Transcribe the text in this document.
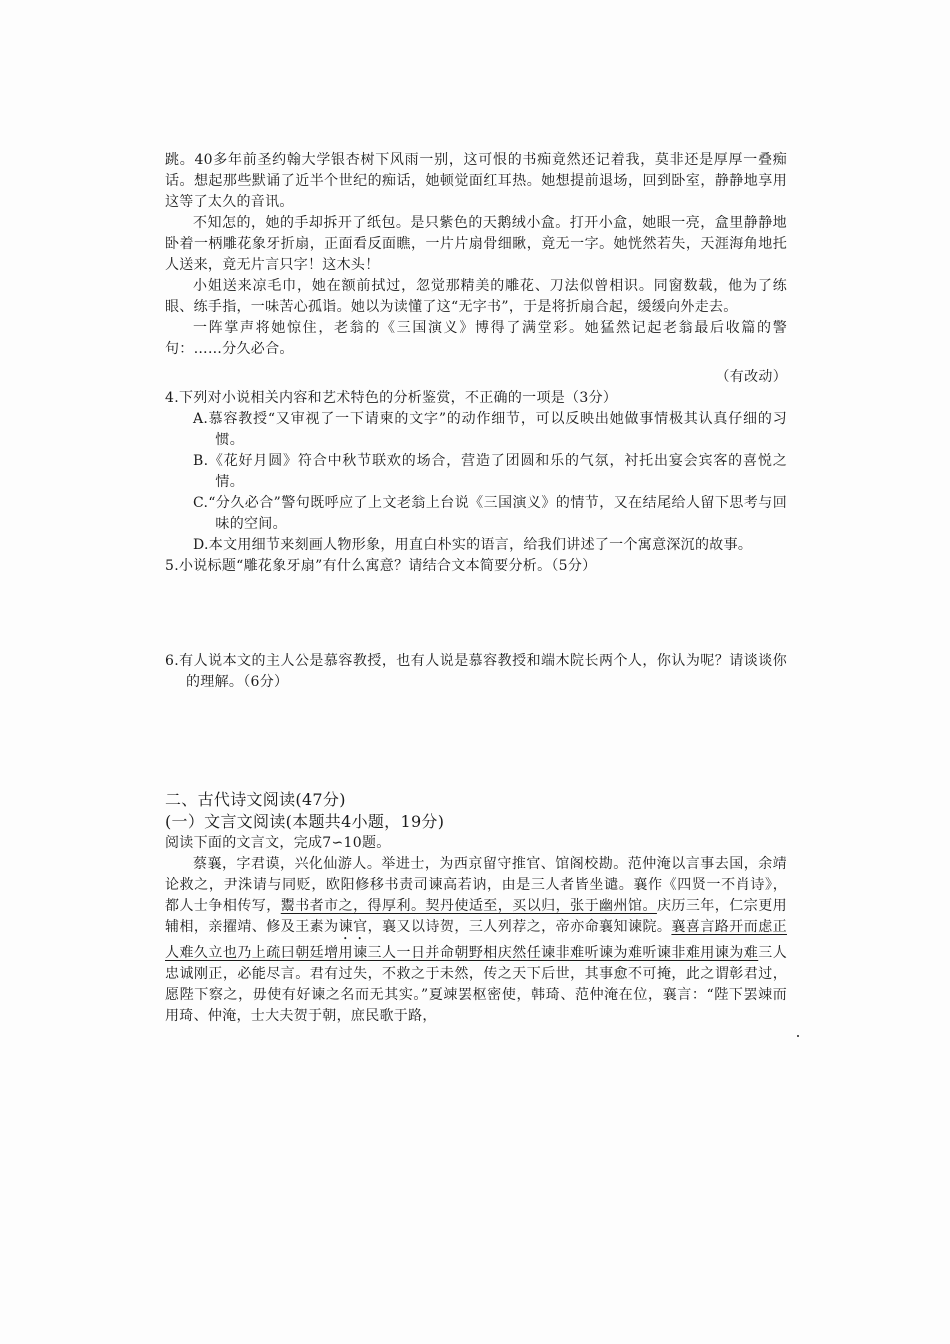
跳。40多年前圣约翰大学银杏树下风雨一别，这可恨的书痴竟然还记着我，莫非还是厚厚一叠痴话。想起那些默诵了近半个世纪的痴话，她顿觉面红耳热。她想提前退场，回到卧室，静静地享用这等了太久的音讯。

不知怎的，她的手却拆开了纸包。是只紫色的天鹅绒小盒。打开小盒，她眼一亮，盒里静静地卧着一柄雕花象牙折扇，正面看反面瞧，一片片扇骨细瞅，竟无一字。她恍然若失，天涯海角地托人送来，竟无片言只字！这木头！

小姐送来凉毛巾，她在额前拭过，忽觉那精美的雕花、刀法似曾相识。同窗数载，他为了练眼、练手指，一味苦心孤诣。她以为读懂了这“无字书”，于是将折扇合起，缓缓向外走去。

一阵掌声将她惊住，老翁的《三国演义》博得了满堂彩。她猛然记起老翁最后收篇的警句：……分久必合。

（有改动）

4.下列对小说相关内容和艺术特色的分析鉴赏，不正确的一项是（3分）

A.慕容教授“又审视了一下请柬的文字”的动作细节，可以反映出她做事情极其认真仔细的习惯。

B.《花好月圆》符合中秋节联欢的场合，营造了团圆和乐的气氛，衬托出宴会宾客的喜悦之情。

C.“分久必合”警句既呼应了上文老翁上台说《三国演义》的情节，又在结尾给人留下思考与回味的空间。

D.本文用细节来刻画人物形象，用直白朴实的语言，给我们讲述了一个寓意深沉的故事。

5.小说标题“雕花象牙扇”有什么寓意？请结合文本简要分析。（5分）

6.有人说本文的主人公是慕容教授，也有人说是慕容教授和端木院长两个人，你认为呢？请谈谈你的理解。（6分）

二、古代诗文阅读(47分)

(一）文言文阅读(本题共4小题，19分)

阅读下面的文言文，完成7∽10题。

蔡襄，字君谟，兴化仙游人。举进士，为西京留守推官、馆阁校勘。范仲淹以言事去国，余靖论救之，尹洙请与同贬，欧阳修移书责司谏高若讷，由是三人者皆坐谴。襄作《四贤一不肖诗》，都人士争相传写，鬻书者市之，得厚利。契丹使适至，买以归，张于幽州馆。庆历三年，仁宗更用辅相，亲擢靖、修及王素为谏官，襄又以诗贺，三人列荐之，帝亦命襄知谏院。襄喜言路开而虑正人难久立也乃上疏曰朝廷增用谏三人一日并命朝野相庆然任谏非难听谏为难听谏非难用谏为难三人忠诚刚正，必能尽言。君有过失，不救之于未然，传之天下后世，其事愈不可掩，此之谓彰君过，愿陛下察之，毋使有好谏之名而无其实。”夏竦罢枢密使，韩琦、范仲淹在位，襄言：“陛下罢竦而用琦、仲淹，士大夫贺于朝，庶民歌于路，
